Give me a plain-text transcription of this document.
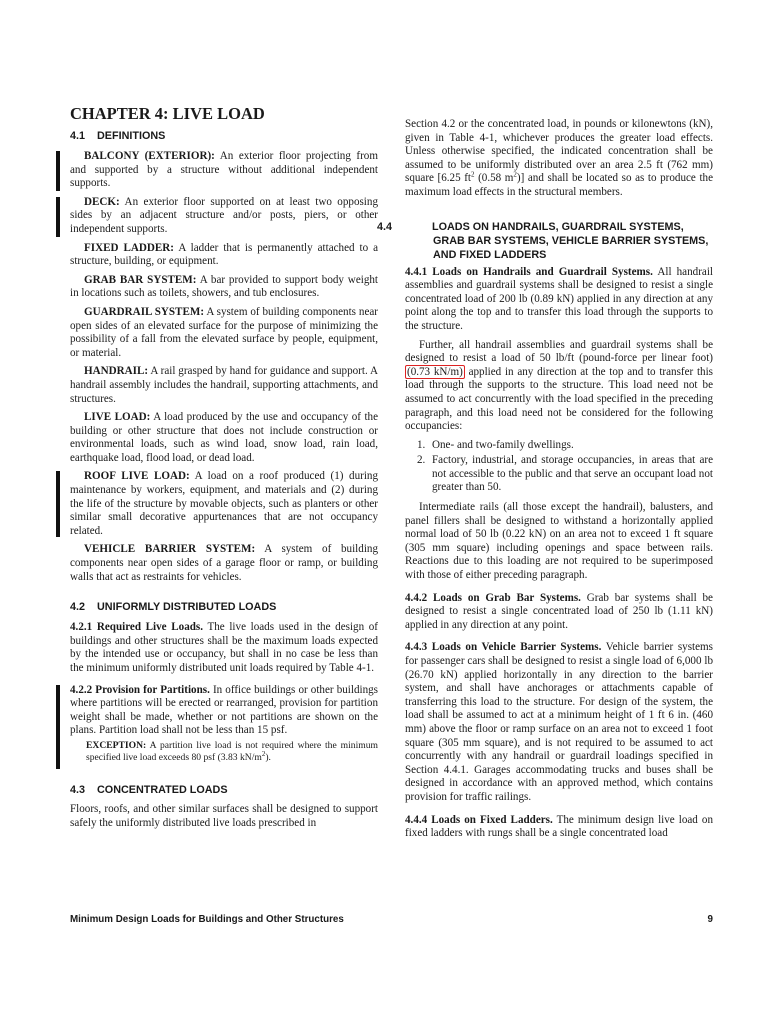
CHAPTER 4: LIVE LOAD
4.1 DEFINITIONS

BALCONY (EXTERIOR): An exterior floor projecting from and supported by a structure without additional independent supports.

DECK: An exterior floor supported on at least two opposing sides by an adjacent structure and/or posts, piers, or other independent supports.

FIXED LADDER: A ladder that is permanently attached to a structure, building, or equipment.

GRAB BAR SYSTEM: A bar provided to support body weight in locations such as toilets, showers, and tub enclosures.

GUARDRAIL SYSTEM: A system of building components near open sides of an elevated surface for the purpose of minimizing the possibility of a fall from the elevated surface by people, equipment, or material.

HANDRAIL: A rail grasped by hand for guidance and support. A handrail assembly includes the handrail, supporting attachments, and structures.

LIVE LOAD: A load produced by the use and occupancy of the building or other structure that does not include construction or environmental loads, such as wind load, snow load, rain load, earthquake load, flood load, or dead load.

ROOF LIVE LOAD: A load on a roof produced (1) during maintenance by workers, equipment, and materials and (2) during the life of the structure by movable objects, such as planters or other similar small decorative appurtenances that are not occupancy related.

VEHICLE BARRIER SYSTEM: A system of building components near open sides of a garage floor or ramp, or building walls that act as restraints for vehicles.

4.2 UNIFORMLY DISTRIBUTED LOADS

4.2.1 Required Live Loads. The live loads used in the design of buildings and other structures shall be the maximum loads expected by the intended use or occupancy, but shall in no case be less than the minimum uniformly distributed unit loads required by Table 4-1.

4.2.2 Provision for Partitions. In office buildings or other buildings where partitions will be erected or rearranged, provision for partition weight shall be made, whether or not partitions are shown on the plans. Partition load shall not be less than 15 psf.

EXCEPTION: A partition live load is not required where the minimum specified live load exceeds 80 psf (3.83 $kN/m^2$).

4.3 CONCENTRATED LOADS

Floors, roofs, and other similar surfaces shall be designed to support safely the uniformly distributed live loads prescribed in

Section 4.2 or the concentrated load, in pounds or kilonewtons (kN), given in Table 4-1, whichever produces the greater load effects. Unless otherwise specified, the indicated concentration shall be assumed to be uniformly distributed over an area 2.5 ft (762 mm) square [6.25 $ft^2$ (0.58 $m^2$)] and shall be located so as to produce the maximum load effects in the structural members.

4.4	LOADS ON HANDRAILS, GUARDRAIL SYSTEMS, GRAB BAR SYSTEMS, VEHICLE BARRIER SYSTEMS, AND FIXED LADDERS

4.4.1 Loads on Handrails and Guardrail Systems. All handrail assemblies and guardrail systems shall be designed to resist a single concentrated load of 200 lb (0.89 kN) applied in any direction at any point along the top and to transfer this load through the supports to the structure.

Further, all handrail assemblies and guardrail systems shall be designed to resist a load of 50 lb/ft (pound-force per linear foot) (0.73 kN/m) applied in any direction at the top and to transfer this load through the supports to the structure. This load need not be assumed to act concurrently with the load specified in the preceding paragraph, and this load need not be considered for the following occupancies:

1. One- and two-family dwellings.
2. Factory, industrial, and storage occupancies, in areas that are not accessible to the public and that serve an occupant load not greater than 50.

Intermediate rails (all those except the handrail), balusters, and panel fillers shall be designed to withstand a horizontally applied normal load of 50 lb (0.22 kN) on an area not to exceed 1 ft square (305 mm square) including openings and space between rails. Reactions due to this loading are not required to be superimposed with those of either preceding paragraph.

4.4.2 Loads on Grab Bar Systems. Grab bar systems shall be designed to resist a single concentrated load of 250 lb (1.11 kN) applied in any direction at any point.

4.4.3 Loads on Vehicle Barrier Systems. Vehicle barrier systems for passenger cars shall be designed to resist a single load of 6,000 lb (26.70 kN) applied horizontally in any direction to the barrier system, and shall have anchorages or attachments capable of transferring this load to the structure. For design of the system, the load shall be assumed to act at a minimum height of 1 ft 6 in. (460 mm) above the floor or ramp surface on an area not to exceed 1 foot square (305 mm square), and is not required to be assumed to act concurrently with any handrail or guardrail loadings specified in Section 4.4.1. Garages accommodating trucks and buses shall be designed in accordance with an approved method, which contains provision for traffic railings.

4.4.4 Loads on Fixed Ladders. The minimum design live load on fixed ladders with rungs shall be a single concentrated load

Minimum Design Loads for Buildings and Other Structures	9
